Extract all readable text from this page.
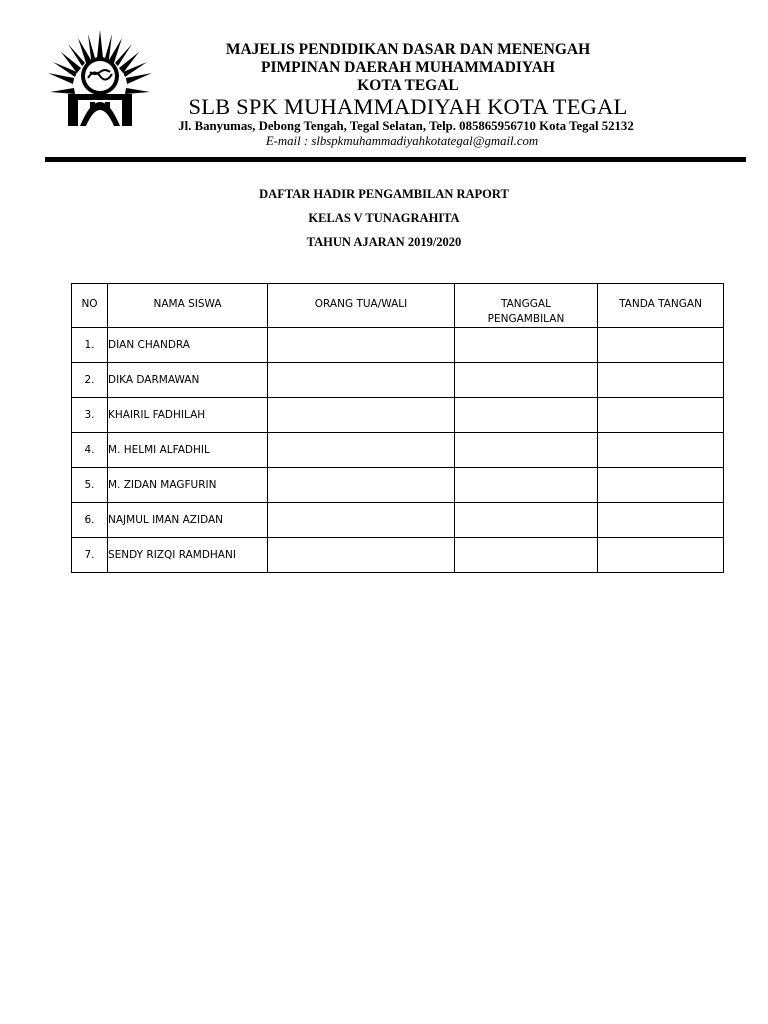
MAJELIS PENDIDIKAN DASAR DAN MENENGAH
PIMPINAN DAERAH MUHAMMADIYAH
KOTA TEGAL
SLB SPK MUHAMMADIYAH KOTA TEGAL
Jl. Banyumas, Debong Tengah, Tegal Selatan, Telp. 085865956710 Kota Tegal 52132
E-mail : slbspkmuhammadiyahkotategal@gmail.com
DAFTAR HADIR PENGAMBILAN RAPORT
KELAS V TUNAGRAHITA
TAHUN AJARAN 2019/2020
NO	NAMA SISWA	ORANG TUA/WALI	TANGGAL PENGAMBILAN	TANDA TANGAN
1.	DIAN CHANDRA			
2.	DIKA DARMAWAN			
3.	KHAIRIL FADHILAH			
4.	M. HELMI ALFADHIL			
5.	M. ZIDAN MAGFURIN			
6.	NAJMUL IMAN AZIDAN			
7.	SENDY RIZQI RAMDHANI			
